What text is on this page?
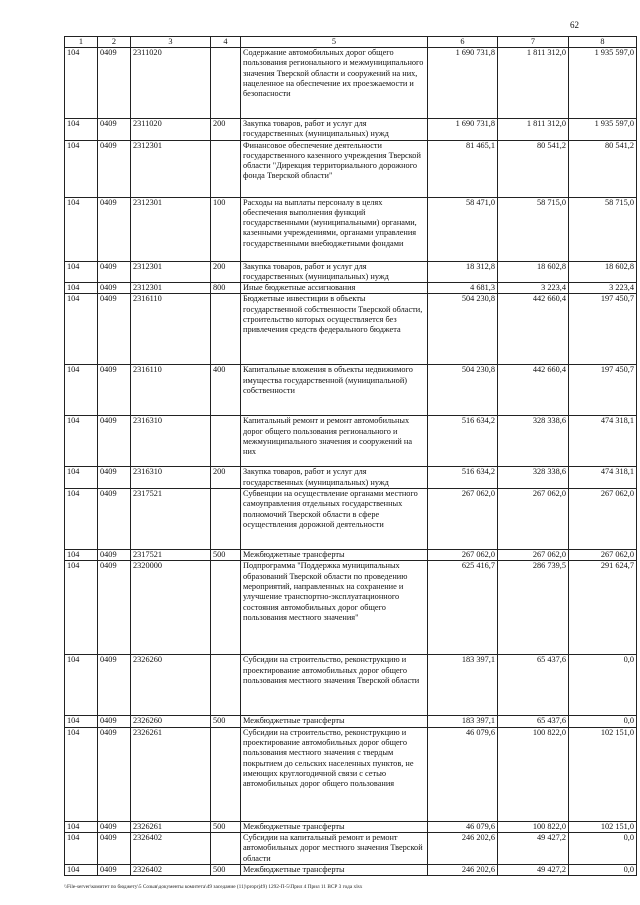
62
1	2	3	4	5	6	7	8
104	0409	2311020		Содержание автомобильных дорог общего пользования регионального и межмуниципального значения Тверской области и сооружений на них, нацеленное на обеспечение их проезжаемости и безопасности	1 690 731,8	1 811 312,0	1 935 597,0
104	0409	2311020	200	Закупка товаров, работ и услуг для государственных (муниципальных) нужд	1 690 731,8	1 811 312,0	1 935 597,0
104	0409	2312301		Финансовое обеспечение деятельности государственного казенного учреждения Тверской области "Дирекция территориального дорожного фонда Тверской области"	81 465,1	80 541,2	80 541,2
104	0409	2312301	100	Расходы на выплаты персоналу в целях обеспечения выполнения функций государственными (муниципальными) органами, казенными учреждениями, органами управления государственными внебюджетными фондами	58 471,0	58 715,0	58 715,0
104	0409	2312301	200	Закупка товаров, работ и услуг для государственных (муниципальных) нужд	18 312,8	18 602,8	18 602,8
104	0409	2312301	800	Иные бюджетные ассигнования	4 681,3	3 223,4	3 223,4
104	0409	2316110		Бюджетные инвестиции в объекты государственной собственности Тверской области, строительство которых осуществляется без привлечения средств федерального бюджета	504 230,8	442 660,4	197 450,7
104	0409	2316110	400	Капитальные вложения в объекты недвижимого имущества государственной (муниципальной) собственности	504 230,8	442 660,4	197 450,7
104	0409	2316310		Капитальный ремонт и ремонт автомобильных дорог общего пользования регионального и межмуниципального значения и сооружений на них	516 634,2	328 338,6	474 318,1
104	0409	2316310	200	Закупка товаров, работ и услуг для государственных (муниципальных) нужд	516 634,2	328 338,6	474 318,1
104	0409	2317521		Субвенции на осуществление органами местного самоуправления отдельных государственных полномочий Тверской области в сфере осуществления дорожной деятельности	267 062,0	267 062,0	267 062,0
104	0409	2317521	500	Межбюджетные трансферты	267 062,0	267 062,0	267 062,0
104	0409	2320000		Подпрограмма "Поддержка муниципальных образований Тверской области по проведению мероприятий, направленных на сохранение и улучшение транспортно-эксплуатационного состояния автомобильных дорог общего пользования местного значения"	625 416,7	286 739,5	291 624,7
104	0409	2326260		Субсидии на строительство, реконструкцию и проектирование автомобильных дорог общего пользования местного значения Тверской области	183 397,1	65 437,6	0,0
104	0409	2326260	500	Межбюджетные трансферты	183 397,1	65 437,6	0,0
104	0409	2326261		Субсидии на строительство, реконструкцию и проектирование автомобильных дорог общего пользования местного значения с твердым покрытием до сельских населенных пунктов, не имеющих круглогодичной связи с сетью автомобильных дорог общего пользования	46 079,6	100 822,0	102 151,0
104	0409	2326261	500	Межбюджетные трансферты	46 079,6	100 822,0	102 151,0
104	0409	2326402		Субсидии на капитальный ремонт и ремонт автомобильных дорог местного значения Тверской области	246 202,6	49 427,2	0,0
104	0409	2326402	500	Межбюджетные трансферты	246 202,6	49 427,2	0,0
\\File-server\комитет по бюджету\5 Созыв\документы комитета\49 заседание (11)\proprj49) 1292-П-5\Прил 4 Прил 11 ВСР 3 года xlsx
